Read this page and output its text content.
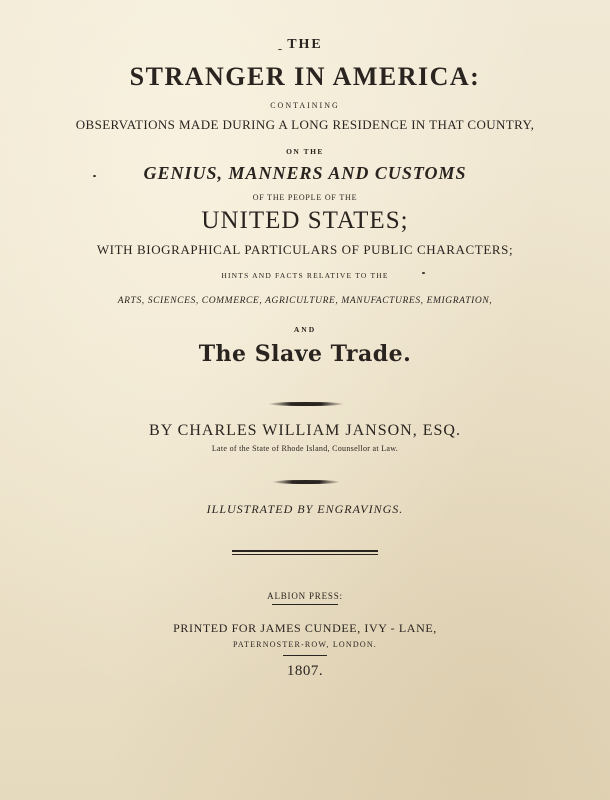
THE
STRANGER IN AMERICA:
CONTAINING
OBSERVATIONS MADE DURING A LONG RESIDENCE IN THAT COUNTRY,
ON THE
GENIUS, MANNERS AND CUSTOMS
OF THE PEOPLE OF THE
UNITED STATES;
WITH BIOGRAPHICAL PARTICULARS OF PUBLIC CHARACTERS;
HINTS AND FACTS RELATIVE TO THE
ARTS, SCIENCES, COMMERCE, AGRICULTURE, MANUFACTURES, EMIGRATION,
AND
The Slave Trade.
BY CHARLES WILLIAM JANSON, ESQ.
Late of the State of Rhode Island, Counsellor at Law.
ILLUSTRATED BY ENGRAVINGS.
ALBION PRESS:
PRINTED FOR JAMES CUNDEE, IVY - LANE,
PATERNOSTER-ROW, LONDON.
1807.
